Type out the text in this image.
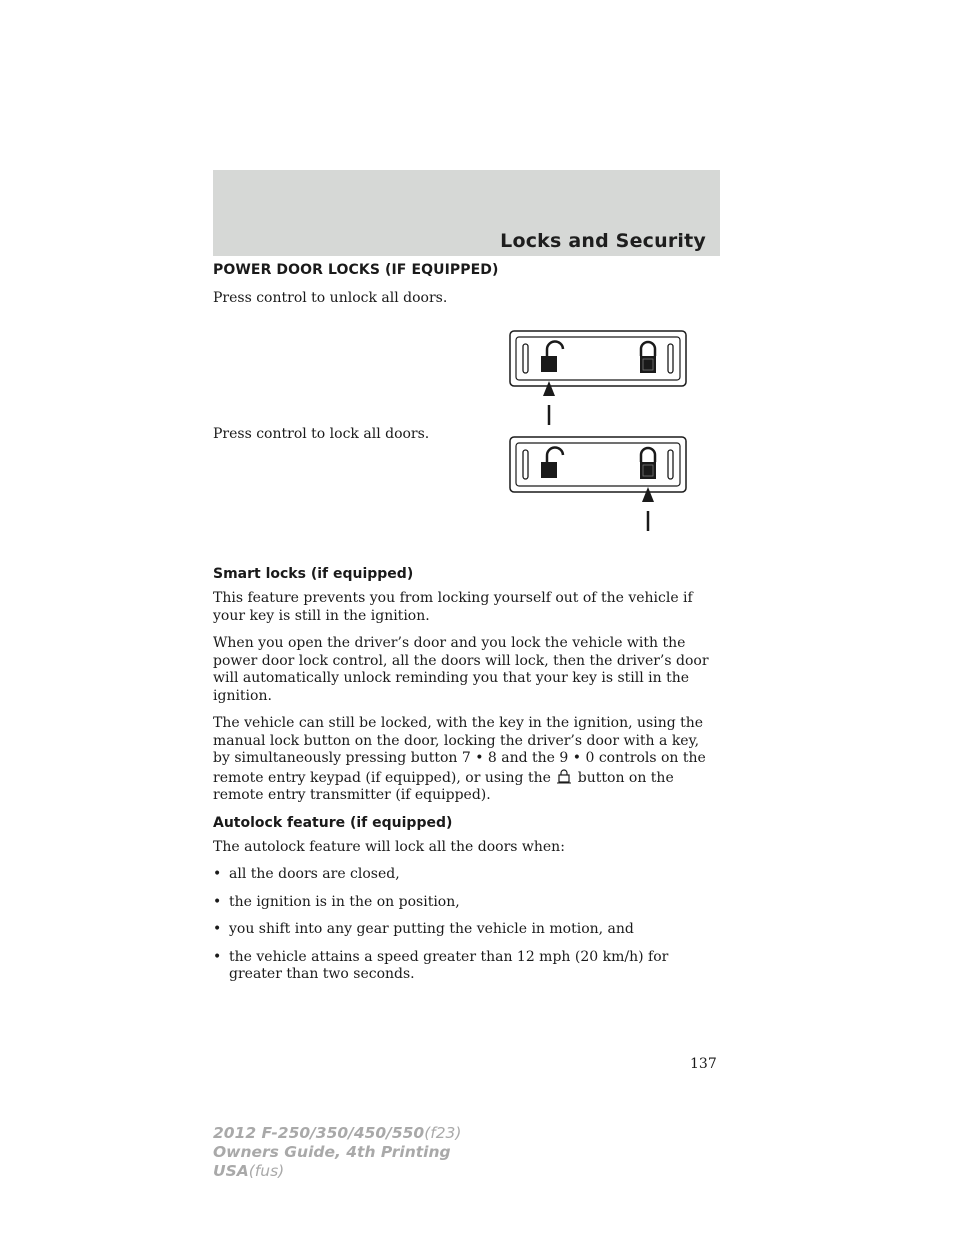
Locks and Security
POWER DOOR LOCKS (IF EQUIPPED)
Press control to unlock all doors.
Press control to lock all doors.
Smart locks (if equipped)

This feature prevents you from locking yourself out of the vehicle if your key is still in the ignition.

When you open the driver’s door and you lock the vehicle with the power door lock control, all the doors will lock, then the driver’s door will automatically unlock reminding you that your key is still in the ignition.

The vehicle can still be locked, with the key in the ignition, using the manual lock button on the door, locking the driver’s door with a key, by simultaneously pressing button 7 • 8 and the 9 • 0 controls on the remote entry keypad (if equipped), or using the button on the remote entry transmitter (if equipped).

Autolock feature (if equipped)

The autolock feature will lock all the doors when:

• all the doors are closed,
• the ignition is in the on position,
• you shift into any gear putting the vehicle in motion, and
• the vehicle attains a speed greater than 12 mph (20 km/h) for greater than two seconds.
137
2012 F-250/350/450/550(f23)
Owners Guide, 4th Printing
USA(fus)
